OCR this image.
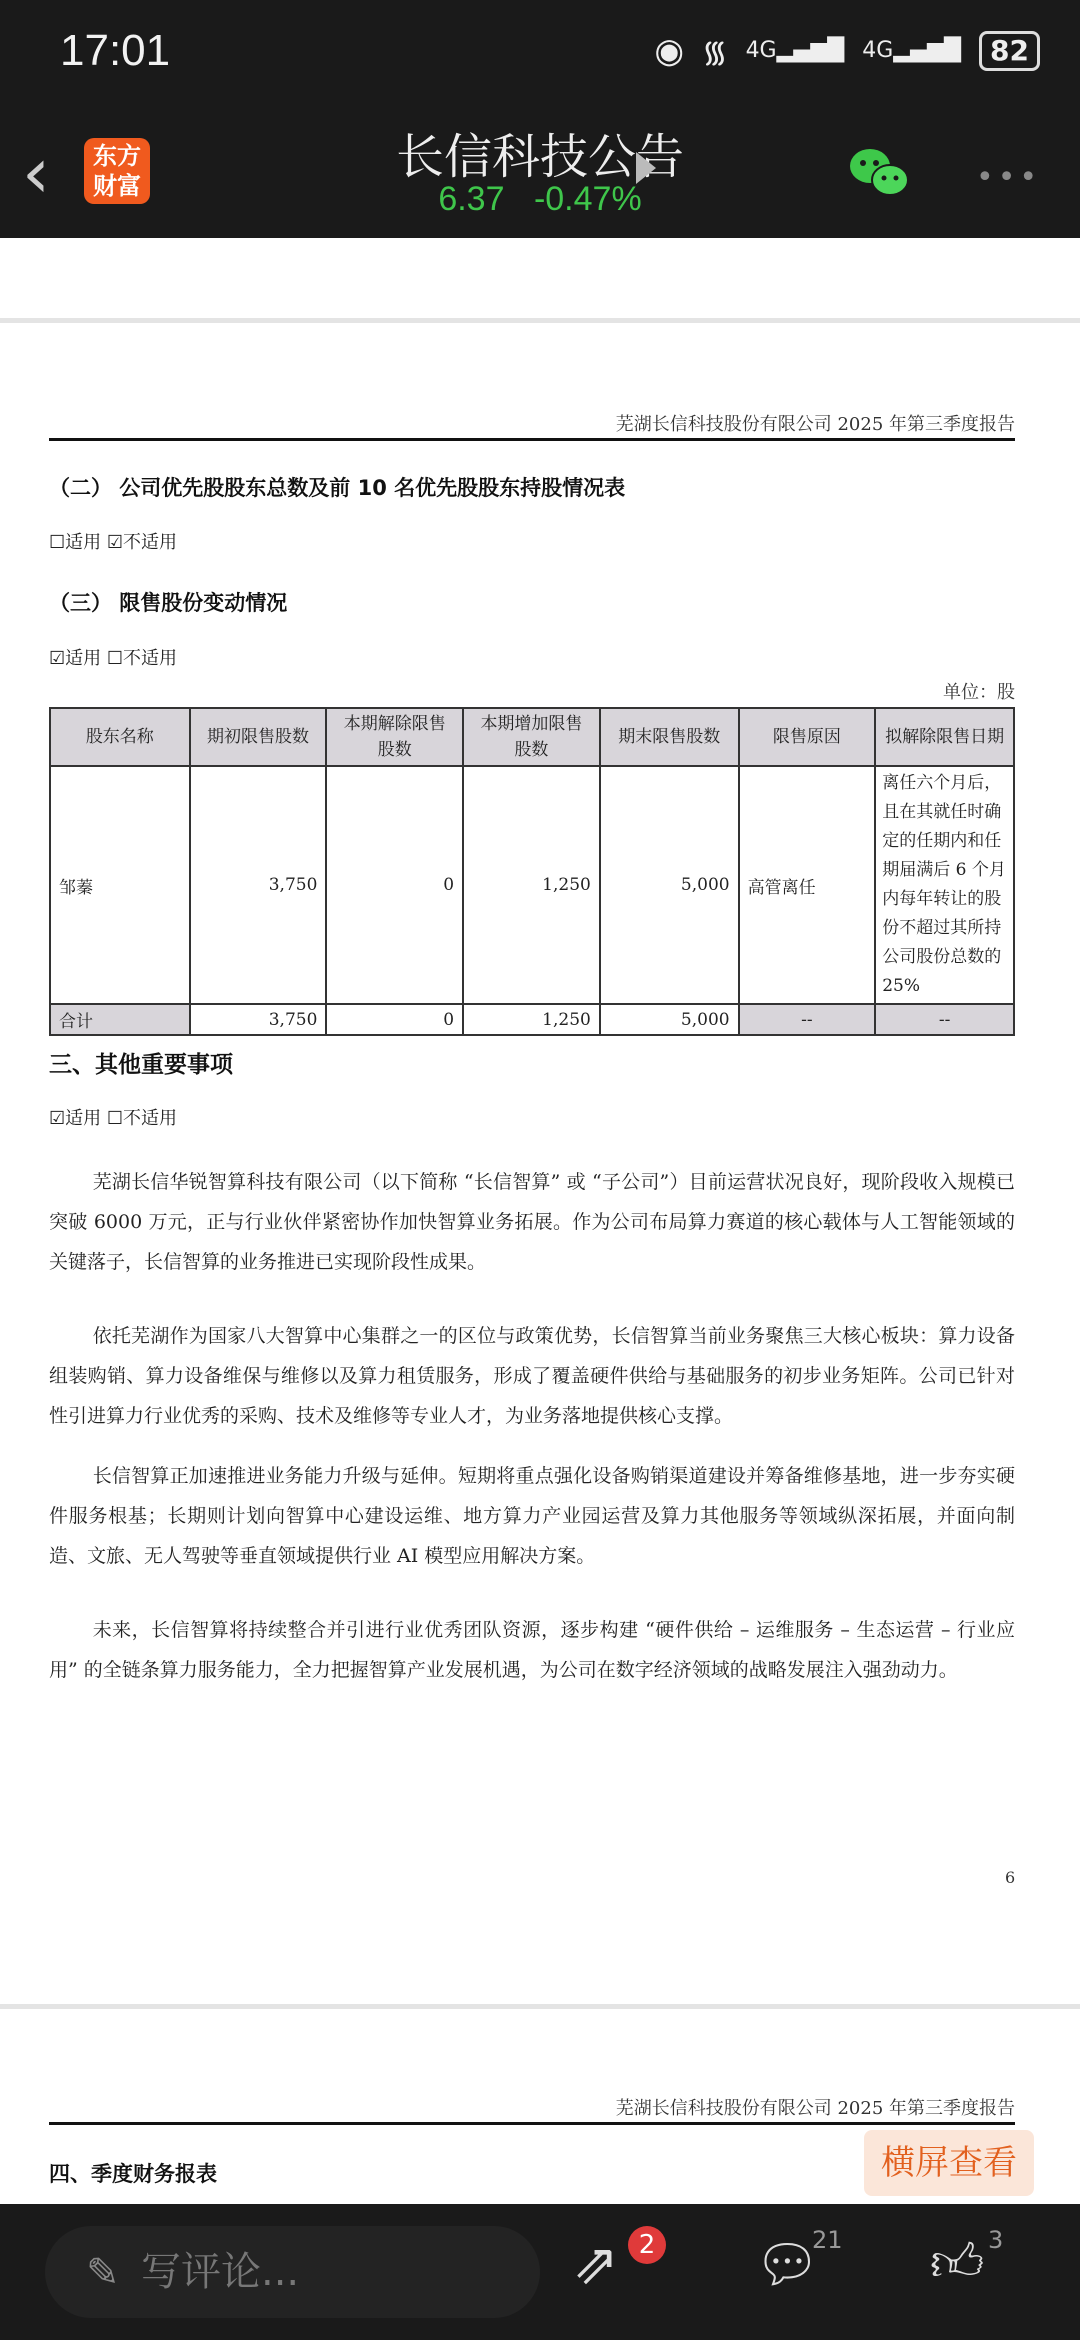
17:01	◉ ᯾ 4G▂▄▆█ 4G▂▄▆█	82
‹	东方
财富
长信科技公告
6.37 -0.47%
•••
芜湖长信科技股份有限公司 2025 年第三季度报告
（二） 公司优先股股东总数及前 10 名优先股股东持股情况表
☐适用 ☑不适用
（三） 限售股份变动情况
☑适用 ☐不适用
单位：股
股东名称	期初限售股数	本期解除限售股数	本期增加限售股数	期末限售股数	限售原因	拟解除限售日期
邹蓁	3,750	0	1,250	5,000	高管离任	离任六个月后，且在其就任时确定的任期内和任期届满后 6 个月内每年转让的股份不超过其所持公司股份总数的 25%
合计	3,750	0	1,250	5,000	--	--
三、其他重要事项
☑适用 ☐不适用
芜湖长信华锐智算科技有限公司（以下简称 “长信智算” 或 “子公司”）目前运营状况良好，现阶段收入规模已突破 6000 万元，正与行业伙伴紧密协作加快智算业务拓展。作为公司布局算力赛道的核心载体与人工智能领域的关键落子，长信智算的业务推进已实现阶段性成果。
依托芜湖作为国家八大智算中心集群之一的区位与政策优势，长信智算当前业务聚焦三大核心板块：算力设备组装购销、算力设备维保与维修以及算力租赁服务，形成了覆盖硬件供给与基础服务的初步业务矩阵。公司已针对性引进算力行业优秀的采购、技术及维修等专业人才，为业务落地提供核心支撑。
长信智算正加速推进业务能力升级与延伸。短期将重点强化设备购销渠道建设并筹备维修基地，进一步夯实硬件服务根基；长期则计划向智算中心建设运维、地方算力产业园运营及算力其他服务等领域纵深拓展，并面向制造、文旅、无人驾驶等垂直领域提供行业 AI 模型应用解决方案。
未来，长信智算将持续整合并引进行业优秀团队资源，逐步构建 “硬件供给 – 运维服务 – 生态运营 – 行业应用” 的全链条算力服务能力，全力把握智算产业发展机遇，为公司在数字经济领域的战略发展注入强劲动力。
6
芜湖长信科技股份有限公司 2025 年第三季度报告
四、季度财务报表	横屏查看
写评论...
✎	⇗ 2 💬︎
21 👍︎ 3
